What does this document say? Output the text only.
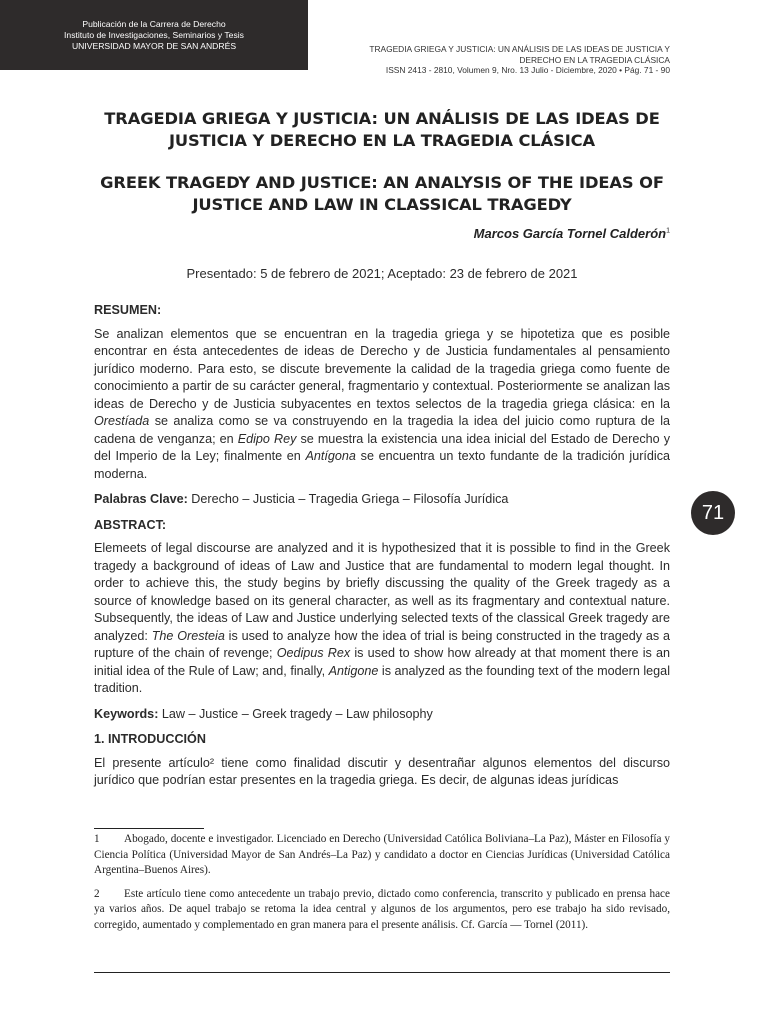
Publicación de la Carrera de Derecho
Instituto de Investigaciones, Seminarios y Tesis
UNIVERSIDAD MAYOR DE SAN ANDRÉS	TRAGEDIA GRIEGA Y JUSTICIA: UN ANÁLISIS DE LAS IDEAS DE JUSTICIA Y
DERECHO EN LA TRAGEDIA CLÁSICA
ISSN 2413 - 2810, Volumen 9, Nro. 13 Julio - Diciembre, 2020 • Pág. 71 - 90
TRAGEDIA GRIEGA Y JUSTICIA: UN ANÁLISIS DE LAS IDEAS DE JUSTICIA Y DERECHO EN LA TRAGEDIA CLÁSICA
GREEK TRAGEDY AND JUSTICE: AN ANALYSIS OF THE IDEAS OF JUSTICE AND LAW IN CLASSICAL TRAGEDY
Marcos García Tornel Calderón$^1$
Presentado: 5 de febrero de 2021; Aceptado: 23 de febrero de 2021
RESUMEN:

Se analizan elementos que se encuentran en la tragedia griega y se hipotetiza que es posible encontrar en ésta antecedentes de ideas de Derecho y de Justicia fundamentales al pensamiento jurídico moderno. Para esto, se discute brevemente la calidad de la tragedia griega como fuente de conocimiento a partir de su carácter general, fragmentario y contextual. Posteriormente se analizan las ideas de Derecho y de Justicia subyacentes en textos selectos de la tragedia griega clásica: en la Orestíada se analiza como se va construyendo en la tragedia la idea del juicio como ruptura de la cadena de venganza; en Edipo Rey se muestra la existencia una idea inicial del Estado de Derecho y del Imperio de la Ley; finalmente en Antígona se encuentra un texto fundante de la tradición jurídica moderna.

Palabras Clave: Derecho – Justicia – Tragedia Griega – Filosofía Jurídica

ABSTRACT:

Elemeets of legal discourse are analyzed and it is hypothesized that it is possible to find in the Greek tragedy a background of ideas of Law and Justice that are fundamental to modern legal thought. In order to achieve this, the study begins by briefly discussing the quality of the Greek tragedy as a source of knowledge based on its general character, as well as its fragmentary and contextual nature. Subsequently, the ideas of Law and Justice underlying selected texts of the classical Greek tragedy are analyzed: The Oresteia is used to analyze how the idea of trial is being constructed in the tragedy as a rupture of the chain of revenge; Oedipus Rex is used to show how already at that moment there is an initial idea of the Rule of Law; and, finally, Antigone is analyzed as the founding text of the modern legal tradition.

Keywords: Law – Justice – Greek tragedy – Law philosophy

1. INTRODUCCIÓN

El presente artículo² tiene como finalidad discutir y desentrañar algunos elementos del discurso jurídico que podrían estar presentes en la tragedia griega. Es decir, de algunas ideas jurídicas

71

1 Abogado, docente e investigador. Licenciado en Derecho (Universidad Católica Boliviana–La Paz), Máster en Filosofía y Ciencia Política (Universidad Mayor de San Andrés–La Paz) y candidato a doctor en Ciencias Jurídicas (Universidad Católica Argentina–Buenos Aires).

2 Este artículo tiene como antecedente un trabajo previo, dictado como conferencia, transcrito y publicado en prensa hace ya varios años. De aquel trabajo se retoma la idea central y algunos de los argumentos, pero ese trabajo ha sido revisado, corregido, aumentado y complementado en gran manera para el presente análisis. Cf. García — Tornel (2011).
